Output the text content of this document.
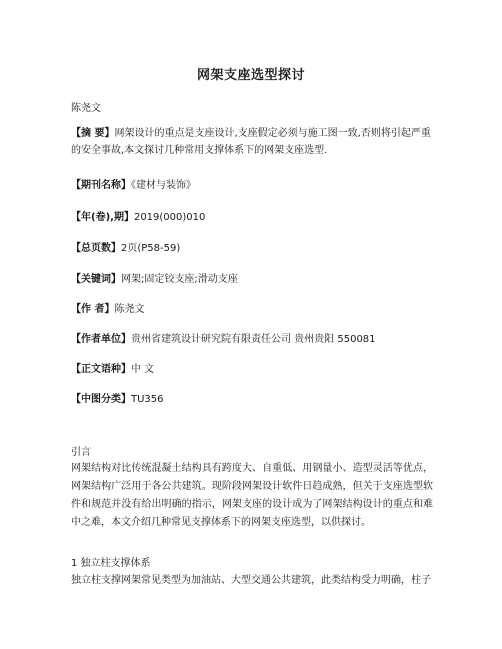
网架支座选型探讨
陈尧文
【摘 要】网架设计的重点是支座设计,支座假定必须与施工图一致,否则将引起严重的安全事故,本文探讨几种常用支撑体系下的网架支座选型.
【期刊名称】《建材与装饰》
【年(卷),期】2019(000)010
【总页数】2页(P58-59)
【关键词】网架;固定铰支座;滑动支座
【作 者】陈尧文
【作者单位】贵州省建筑设计研究院有限责任公司 贵州贵阳 550081
【正文语种】中 文
【中图分类】TU356
引言
网架结构对比传统混凝土结构具有跨度大、自重低、用钢量小、造型灵活等优点，网架结构广泛用于各公共建筑。现阶段网架设计软件日趋成熟，但关于支座选型软件和规范并没有给出明确的指示，网架支座的设计成为了网架结构设计的重点和难中之难，本文介绍几种常见支撑体系下的网架支座选型，以供探讨。
1 独立柱支撑体系
独立柱支撑网架常见类型为加油站、大型交通公共建筑，此类结构受力明确，柱子
